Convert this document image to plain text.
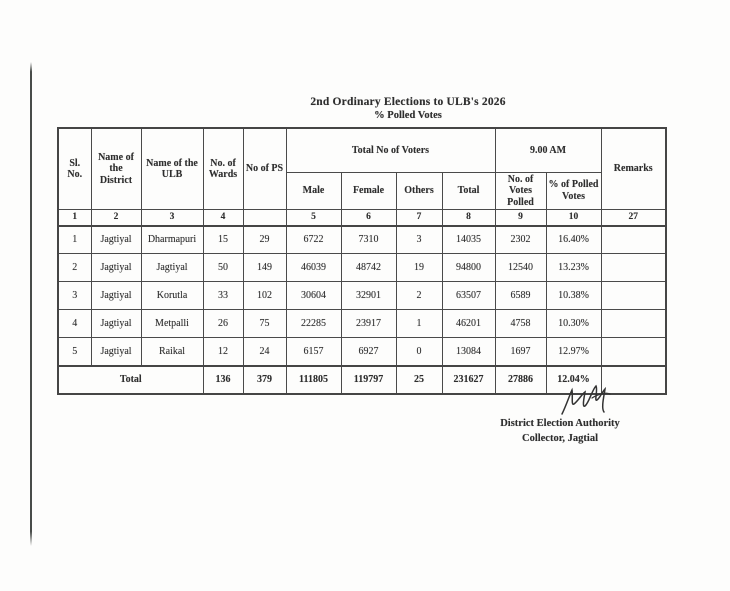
2nd Ordinary Elections to ULB's 2026
% Polled Votes
Sl. No.	Name of the District	Name of the ULB	No. of Wards	No of PS	Total No of Voters				9.00 AM		Remarks
					Male	Female	Others	Total	No. of Votes Polled	% of Polled Votes	
1	2	3	4		5	6	7	8	9	10	27
1	Jagtiyal	Dharmapuri	15	29	6722	7310	3	14035	2302	16.40%	
2	Jagtiyal	Jagtiyal	50	149	46039	48742	19	94800	12540	13.23%	
3	Jagtiyal	Korutla	33	102	30604	32901	2	63507	6589	10.38%	
4	Jagtiyal	Metpalli	26	75	22285	23917	1	46201	4758	10.30%	
5	Jagtiyal	Raikal	12	24	6157	6927	0	13084	1697	12.97%	
Total			136	379	111805	119797	25	231627	27886	12.04%	
District Election Authority
Collector, Jagtial
